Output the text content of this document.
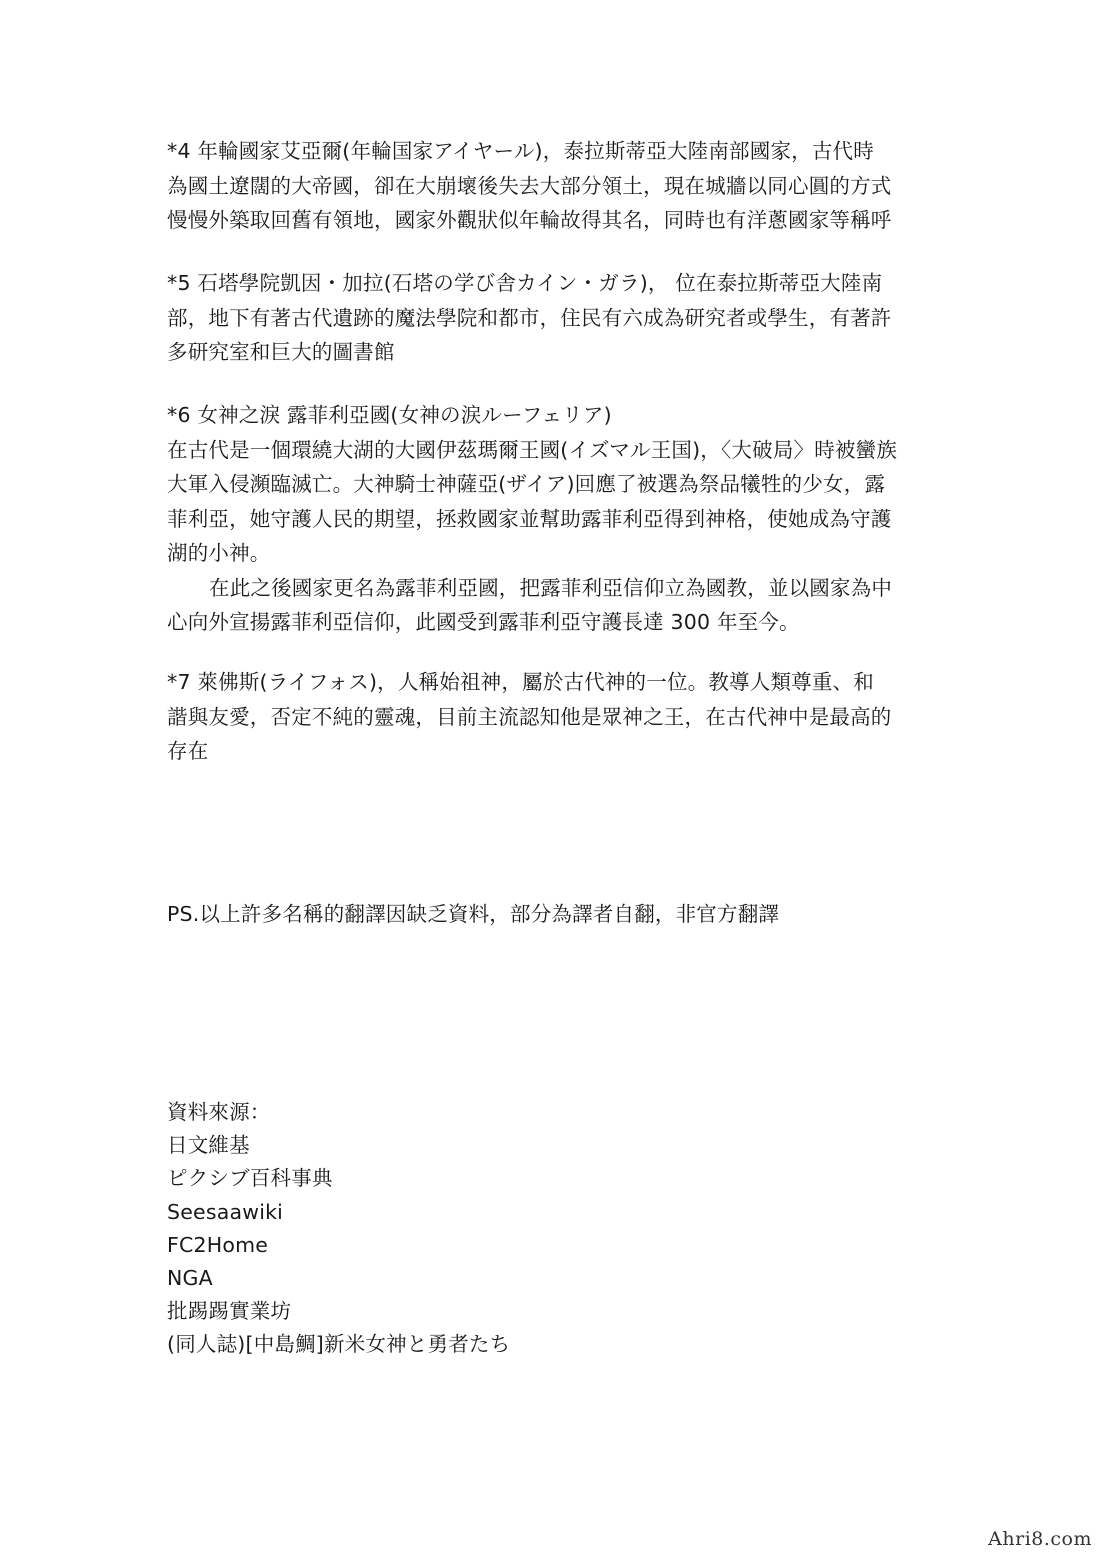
*4 年輪國家艾亞爾(年輪国家アイヤール)，泰拉斯蒂亞大陸南部國家，古代時
為國土遼闊的大帝國，卻在大崩壞後失去大部分領土，現在城牆以同心圓的方式
慢慢外築取回舊有領地，國家外觀狀似年輪故得其名，同時也有洋蔥國家等稱呼
*5 石塔學院凱因・加拉(石塔の学び舎カイン・ガラ)， 位在泰拉斯蒂亞大陸南
部，地下有著古代遺跡的魔法學院和都市，住民有六成為研究者或學生，有著許
多研究室和巨大的圖書館
*6 女神之淚 露菲利亞國(女神の涙ルーフェリア)
在古代是一個環繞大湖的大國伊茲瑪爾王國(イズマル王国)，〈大破局〉時被蠻族
大軍入侵瀕臨滅亡。大神騎士神薩亞(ザイア)回應了被選為祭品犧牲的少女，露
菲利亞，她守護人民的期望，拯救國家並幫助露菲利亞得到神格，使她成為守護
湖的小神。
在此之後國家更名為露菲利亞國，把露菲利亞信仰立為國教，並以國家為中
心向外宣揚露菲利亞信仰，此國受到露菲利亞守護長達 300 年至今。
*7 萊佛斯(ライフォス)，人稱始祖神，屬於古代神的一位。教導人類尊重、和
諧與友愛，否定不純的靈魂，目前主流認知他是眾神之王，在古代神中是最高的
存在
PS.以上許多名稱的翻譯因缺乏資料，部分為譯者自翻，非官方翻譯
資料來源：
日文維基
ピクシブ百科事典
Seesaawiki
FC2Home
NGA
批踢踢實業坊
(同人誌)[中島鯛]新米女神と勇者たち
Ahri8.com
